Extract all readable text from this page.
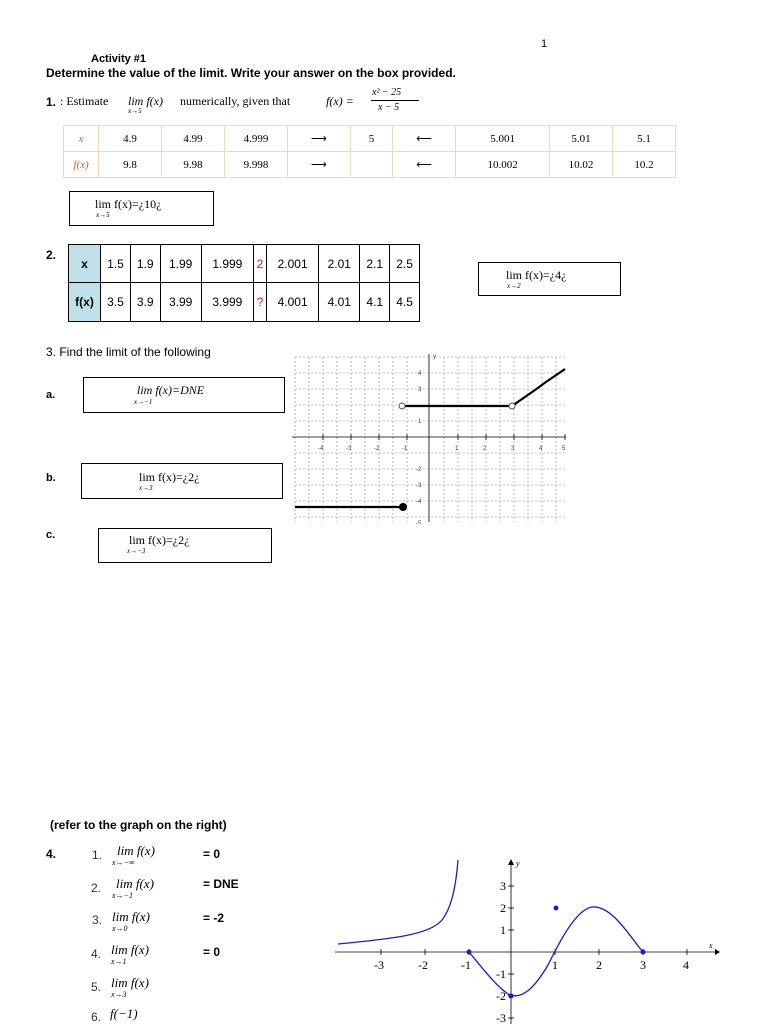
1
Activity #1
Determine the value of the limit. Write your answer on the box provided.
1. : Estimate lim f(x)
x→5
numerically, given that	f(x) =
x² − 25
x − 5
x	4.9	4.99	4.999	⟶	5	⟵	5.001	5.01	5.1
f(x)	9.8	9.98	9.998	⟶		⟵	10.002	10.02	10.2
lim f(x)=¿10¿
x→5
2.
x	1.5	1.9	1.99	1.999	2	2.001	2.01	2.1	2.5
f(x)	3.5	3.9	3.99	3.999	?	4.001	4.01	4.1	4.5
lim f(x)=¿4¿
x→2
3. Find the limit of the following
a.	lim f(x)=DNE
x→−1
b.	lim f(x)=¿2¿
x→3
c.	lim f(x)=¿2¿
x→−3
-4	-3	-2	-1	1	2	3	4	5
4
3
1
-2
-3
-4
-5
y
(refer to the graph on the right)
4.	1. lim f(x)
x→−∞
= 0
2. lim f(x)
x→−1
= DNE
3. lim f(x)
x→0
= -2
4. lim f(x)
x→1
= 0
5. lim f(x)
x→3
6. f(−1)
-3	-2	-1	1	2	3	4
3
2
1
-1
-2
-3
x
y
